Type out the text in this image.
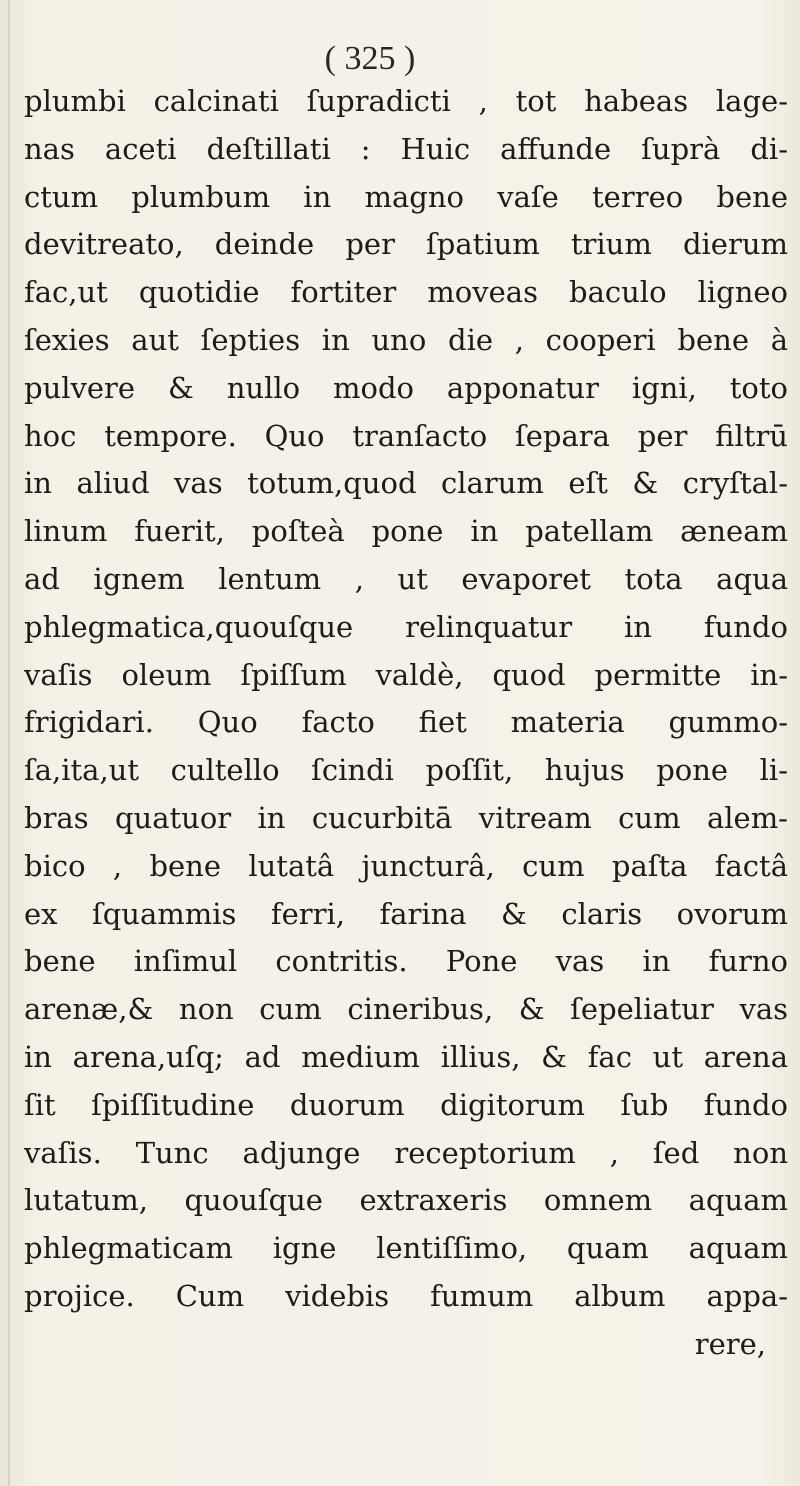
( 325 )
plumbi calcinati ſupradicti , tot habeas lage-
nas aceti deſtillati : Huic affunde ſuprà di-
ctum plumbum in magno vaſe terreo bene
devitreato, deinde per ſpatium trium dierum
fac,ut quotidie fortiter moveas baculo ligneo
ſexies aut ſepties in uno die , cooperi bene à
pulvere & nullo modo apponatur igni, toto
hoc tempore. Quo tranſacto ſepara per filtrū
in aliud vas totum,quod clarum eſt & cryſtal-
linum fuerit, poſteà pone in patellam æneam
ad ignem lentum , ut evaporet tota aqua
phlegmatica,quouſque relinquatur in fundo
vaſis oleum ſpiſſum valdè, quod permitte in-
frigidari. Quo facto fiet materia gummo-
ſa,ita,ut cultello ſcindi poſſit, hujus pone li-
bras quatuor in cucurbitā vitream cum alem-
bico , bene lutatâ juncturâ, cum paſta factâ
ex ſquammis ferri, farina & claris ovorum
bene inſimul contritis. Pone vas in furno
arenæ,& non cum cineribus, & ſepeliatur vas
in arena,uſq; ad medium illius, & fac ut arena
ſit ſpiſſitudine duorum digitorum ſub fundo
vaſis. Tunc adjunge receptorium , ſed non
lutatum, quouſque extraxeris omnem aquam
phlegmaticam igne lentiſſimo, quam aquam
projice. Cum videbis fumum album appa-
rere,
